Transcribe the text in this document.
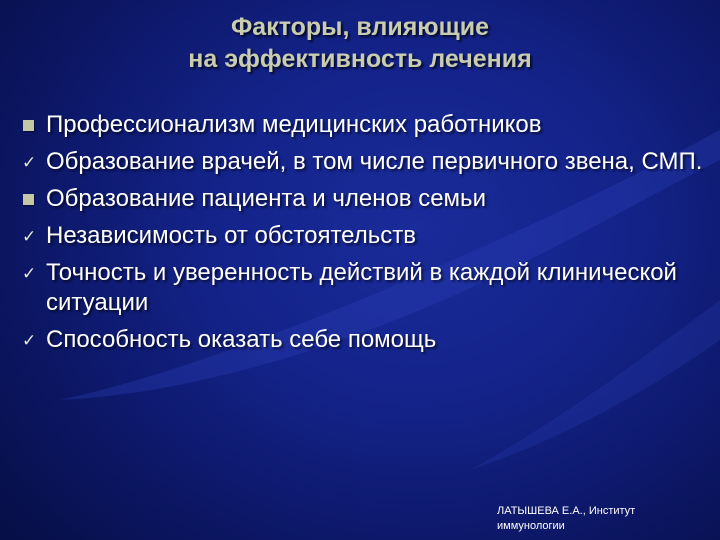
Факторы, влияющие
на эффективность лечения
Профессионализм медицинских работников
✓ Образование врачей, в том числе первичного звена, СМП.
Образование пациента и членов семьи
✓ Независимость от обстоятельств
✓ Точность и уверенность действий в каждой клинической ситуации
✓ Способность оказать себе помощь
ЛАТЫШЕВА Е.А., Институт
иммунологии
